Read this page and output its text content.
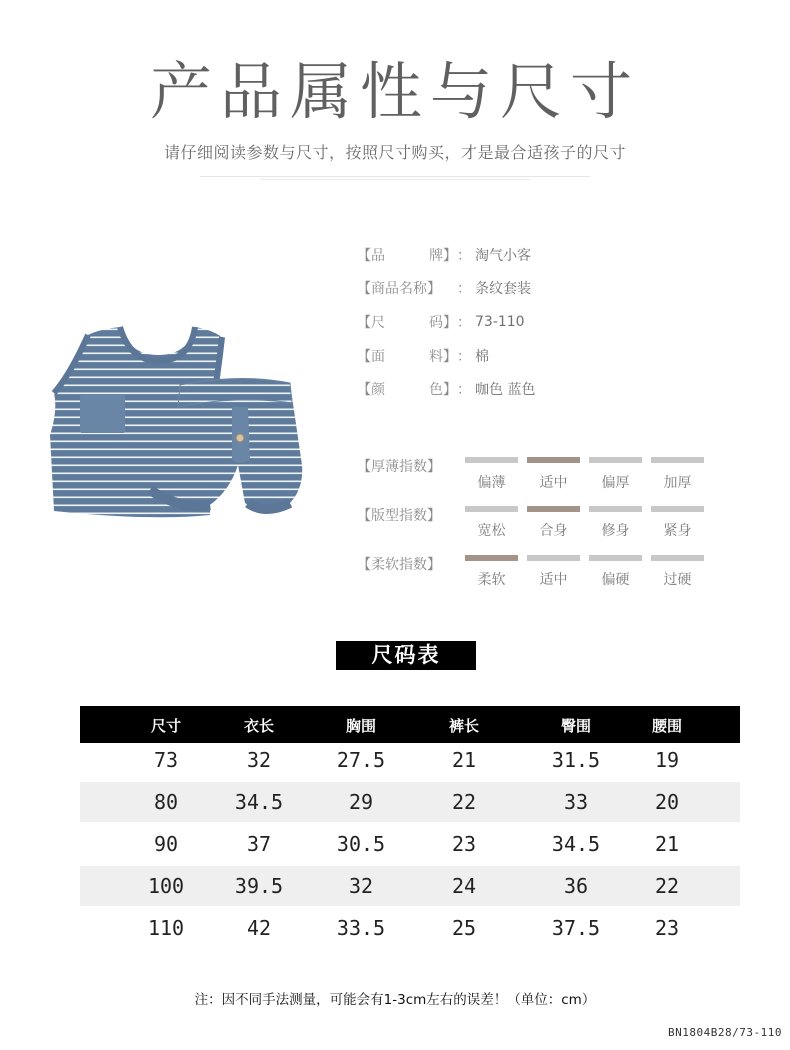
产品属性与尺寸
请仔细阅读参数与尺寸，按照尺寸购买，才是最合适孩子的尺寸
【品	牌】 ： 淘气小客
【商品名称】 ： 条纹套装
【尺	码】 ： 73-110
【面	料】 ： 棉
【颜	色】 ： 咖色 蓝色
【厚薄指数】
偏薄	适中	偏厚	加厚
【版型指数】
宽松	合身	修身	紧身
【柔软指数】
柔软	适中	偏硬	过硬
尺码表
尺寸	衣长	胸围	裤长	臀围	腰围
73	32	27.5	21	31.5	19
80	34.5	29	22	33	20
90	37	30.5	23	34.5	21
100	39.5	32	24	36	22
110	42	33.5	25	37.5	23
注：因不同手法测量，可能会有1-3cm左右的误差！（单位：cm）
BN1804B28/73-110
